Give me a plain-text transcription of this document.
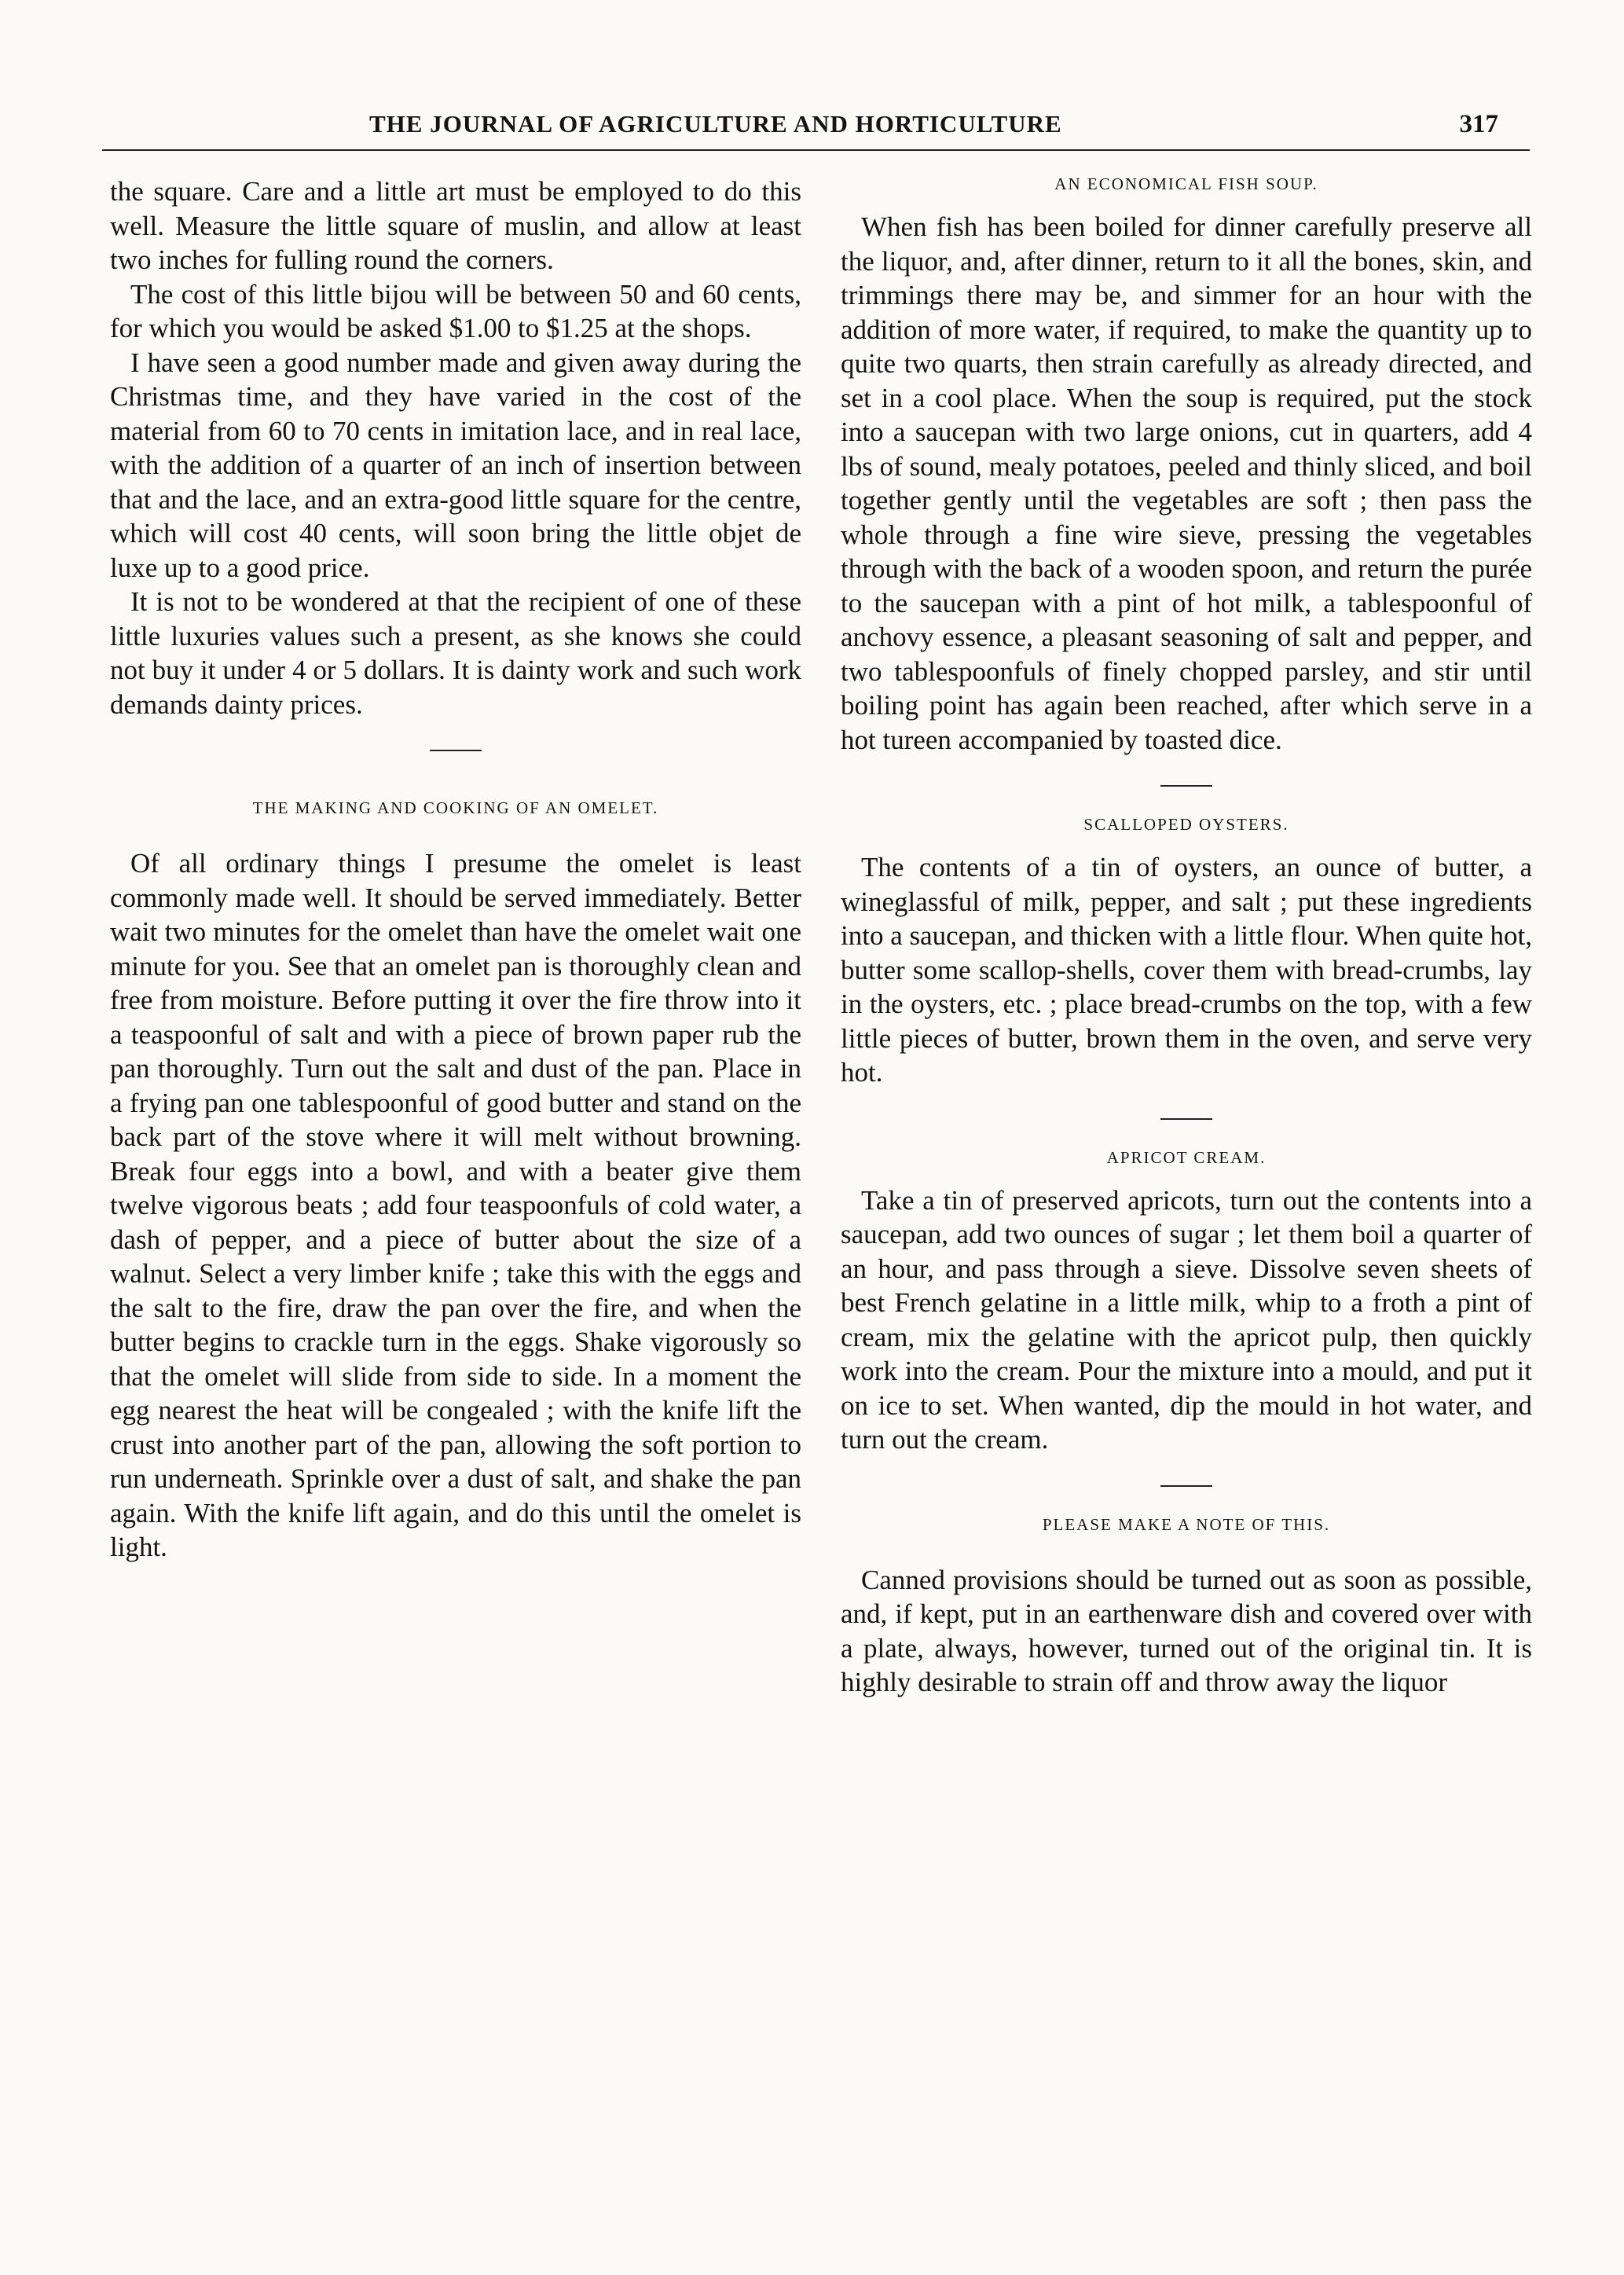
THE JOURNAL OF AGRICULTURE AND HORTICULTURE	317

the square. Care and a little art must be employed to do this well. Measure the little square of muslin, and allow at least two inches for fulling round the corners.

The cost of this little bijou will be between 50 and 60 cents, for which you would be asked $1.00 to $1.25 at the shops.

I have seen a good number made and given away during the Christmas time, and they have varied in the cost of the material from 60 to 70 cents in imitation lace, and in real lace, with the addition of a quarter of an inch of insertion between that and the lace, and an extra-good little square for the centre, which will cost 40 cents, will soon bring the little objet de luxe up to a good price.

It is not to be wondered at that the recipient of one of these little luxuries values such a present, as she knows she could not buy it under 4 or 5 dollars. It is dainty work and such work demands dainty prices.

THE MAKING AND COOKING OF AN OMELET.

Of all ordinary things I presume the omelet is least commonly made well. It should be served immediately. Better wait two minutes for the omelet than have the omelet wait one minute for you. See that an omelet pan is thoroughly clean and free from moisture. Before putting it over the fire throw into it a teaspoonful of salt and with a piece of brown paper rub the pan thoroughly. Turn out the salt and dust of the pan. Place in a frying pan one tablespoonful of good butter and stand on the back part of the stove where it will melt without browning. Break four eggs into a bowl, and with a beater give them twelve vigorous beats ; add four teaspoonfuls of cold water, a dash of pepper, and a piece of butter about the size of a walnut. Select a very limber knife ; take this with the eggs and the salt to the fire, draw the pan over the fire, and when the butter begins to crackle turn in the eggs. Shake vigorously so that the omelet will slide from side to side. In a moment the egg nearest the heat will be congealed ; with the knife lift the crust into another part of the pan, allowing the soft portion to run underneath. Sprinkle over a dust of salt, and shake the pan again. With the knife lift again, and do this until the omelet is light.

AN ECONOMICAL FISH SOUP.

When fish has been boiled for dinner carefully preserve all the liquor, and, after dinner, return to it all the bones, skin, and trimmings there may be, and simmer for an hour with the addition of more water, if required, to make the quantity up to quite two quarts, then strain carefully as already directed, and set in a cool place. When the soup is required, put the stock into a saucepan with two large onions, cut in quarters, add 4 lbs of sound, mealy potatoes, peeled and thinly sliced, and boil together gently until the vegetables are soft ; then pass the whole through a fine wire sieve, pressing the vegetables through with the back of a wooden spoon, and return the purée to the saucepan with a pint of hot milk, a tablespoonful of anchovy essence, a pleasant seasoning of salt and pepper, and two tablespoonfuls of finely chopped parsley, and stir until boiling point has again been reached, after which serve in a hot tureen accompanied by toasted dice.

SCALLOPED OYSTERS.

The contents of a tin of oysters, an ounce of butter, a wineglassful of milk, pepper, and salt ; put these ingredients into a saucepan, and thicken with a little flour. When quite hot, butter some scallop-shells, cover them with bread-crumbs, lay in the oysters, etc. ; place bread-crumbs on the top, with a few little pieces of butter, brown them in the oven, and serve very hot.

APRICOT CREAM.

Take a tin of preserved apricots, turn out the contents into a saucepan, add two ounces of sugar ; let them boil a quarter of an hour, and pass through a sieve. Dissolve seven sheets of best French gelatine in a little milk, whip to a froth a pint of cream, mix the gelatine with the apricot pulp, then quickly work into the cream. Pour the mixture into a mould, and put it on ice to set. When wanted, dip the mould in hot water, and turn out the cream.

PLEASE MAKE A NOTE OF THIS.

Canned provisions should be turned out as soon as possible, and, if kept, put in an earthenware dish and covered over with a plate, always, however, turned out of the original tin. It is highly desirable to strain off and throw away the liquor
